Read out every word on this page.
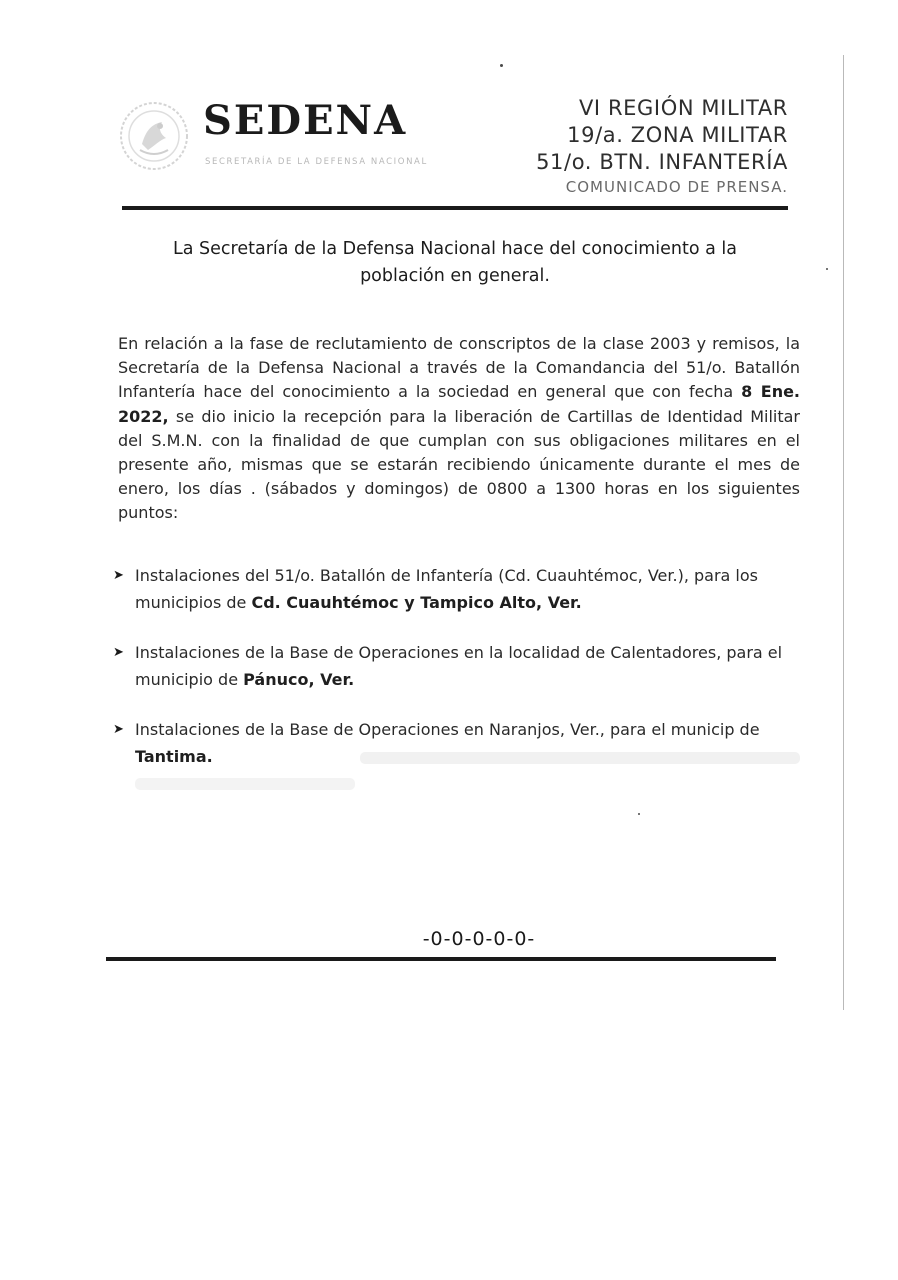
SEDENA
SECRETARÍA DE LA DEFENSA NACIONAL
VI REGIÓN MILITAR
19/a. ZONA MILITAR
51/o. BTN. INFANTERÍA
COMUNICADO DE PRENSA.
La Secretaría de la Defensa Nacional hace del conocimiento a la
población en general.
En relación a la fase de reclutamiento de conscriptos de la clase 2003 y remisos, la Secretaría de la Defensa Nacional a través de la Comandancia del 51/o. Batallón Infantería hace del conocimiento a la sociedad en general que con fecha 8 Ene. 2022, se dio inicio la recepción para la liberación de Cartillas de Identidad Militar del S.M.N. con la finalidad de que cumplan con sus obligaciones militares en el presente año, mismas que se estarán recibiendo únicamente durante el mes de enero, los días . (sábados y domingos) de 0800 a 1300 horas en los siguientes puntos:
➤ Instalaciones del 51/o. Batallón de Infantería (Cd. Cuauhtémoc, Ver.), para los municipios de Cd. Cuauhtémoc y Tampico Alto, Ver.
➤ Instalaciones de la Base de Operaciones en la localidad de Calentadores, para el municipio de Pánuco, Ver.
➤ Instalaciones de la Base de Operaciones en Naranjos, Ver., para el municip de Tantima.
-0-0-0-0-0-
